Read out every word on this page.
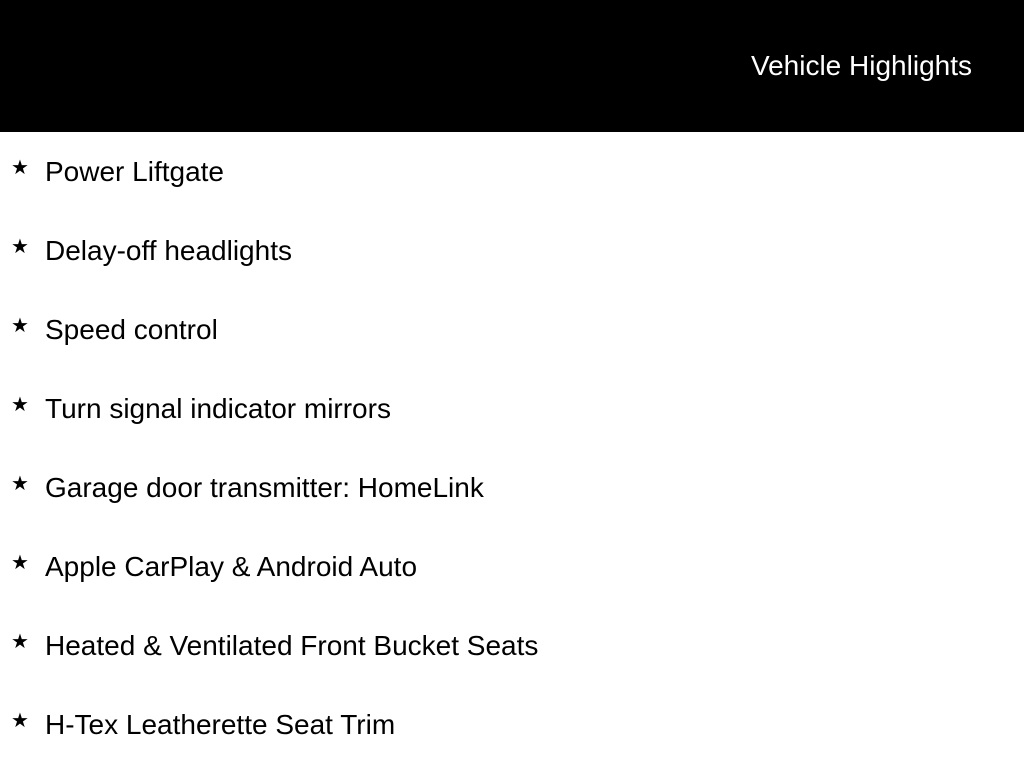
Vehicle Highlights
★ Power Liftgate
★ Delay-off headlights
★ Speed control
★ Turn signal indicator mirrors
★ Garage door transmitter: HomeLink
★ Apple CarPlay & Android Auto
★ Heated & Ventilated Front Bucket Seats
★ H-Tex Leatherette Seat Trim
